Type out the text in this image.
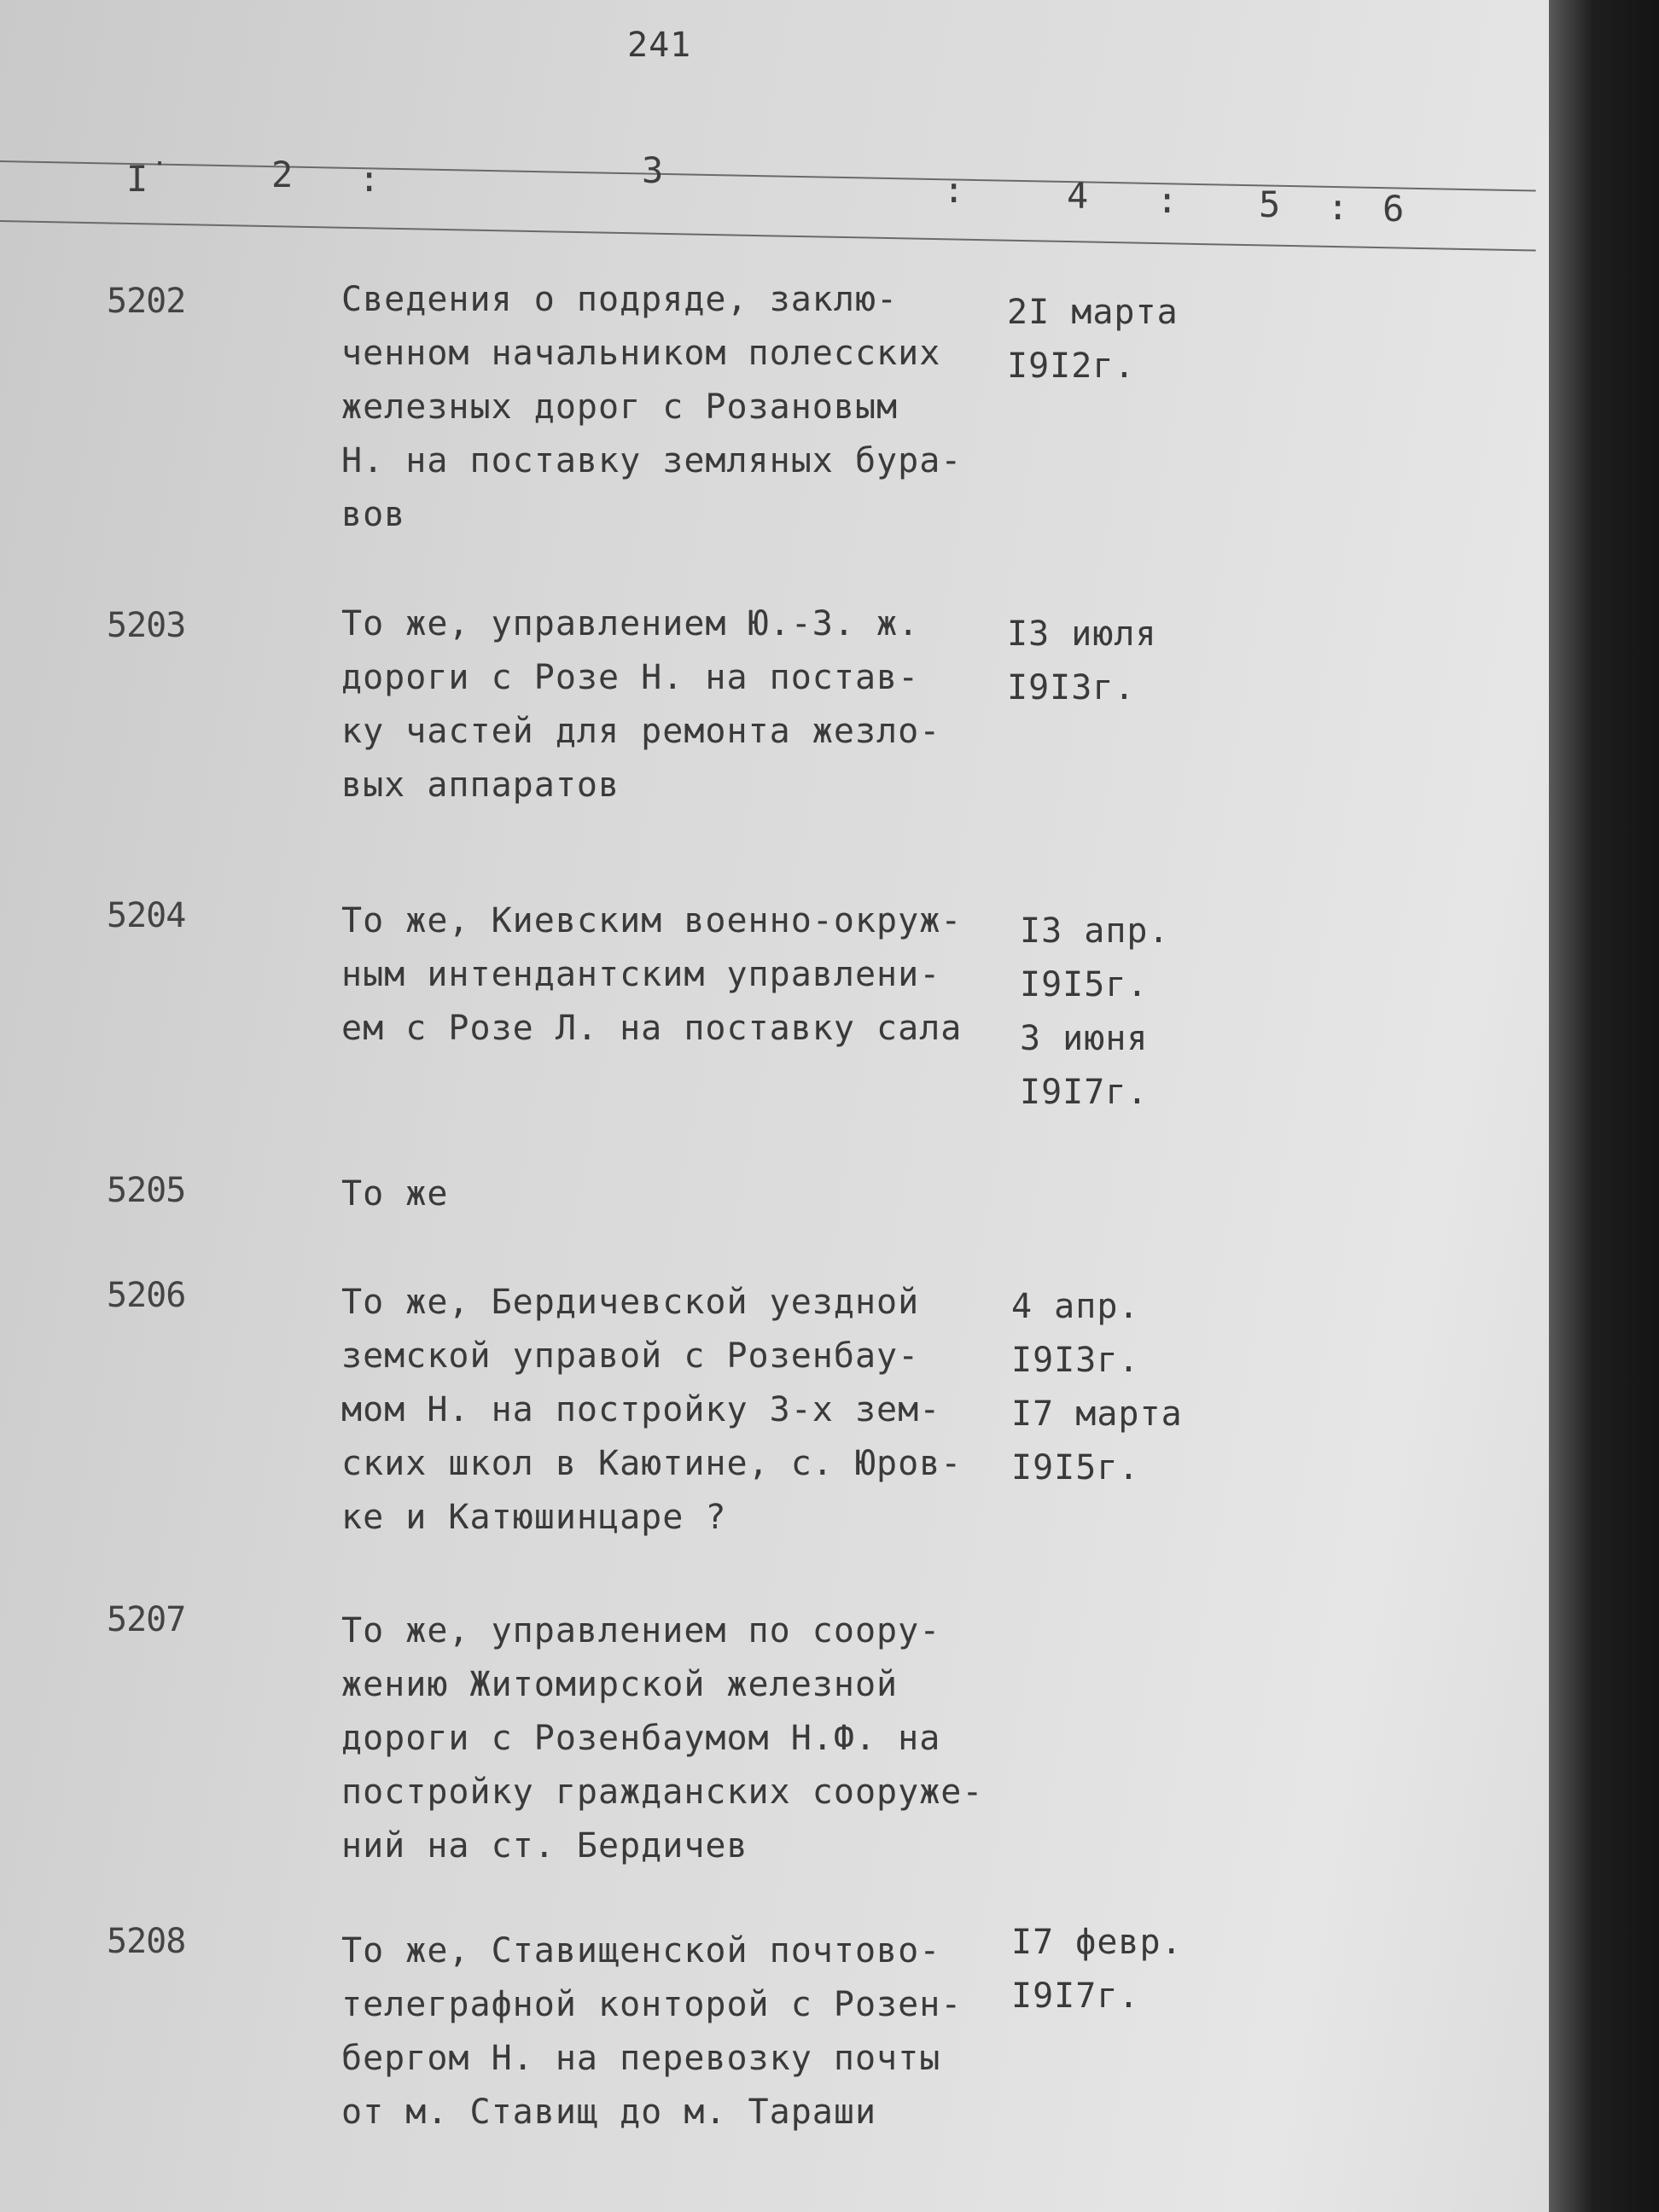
241
I ·	2 :	3	:	4 : 5 : 6
5202	Сведения о подряде, заклю-
ченном начальником полесских
железных дорог с Розановым
Н. на поставку земляных бура-
вов
2I марта
I9I2г.
5203	То же, управлением Ю.-З. ж.
дороги с Розе Н. на постав-
ку частей для ремонта жезло-
вых аппаратов
I3 июля
I9I3г.
5204	То же, Киевским военно-окруж-
ным интендантским управлени-
ем с Розе Л. на поставку сала
I3 апр.
I9I5г.
3 июня
I9I7г.
5205	То же
5206	То же, Бердичевской уездной
земской управой с Розенбау-
мом Н. на постройку 3-х зем-
ских школ в Каютине, с. Юров-
ке и Катюшинцаре ?
4 апр.
I9I3г.
I7 марта
I9I5г.
5207	То же, управлением по соору-
жению Житомирской железной
дороги с Розенбаумом Н.Ф. на
постройку гражданских сооруже-
ний на ст. Бердичев
5208	То же, Ставищенской почтово-
телеграфной конторой с Розен-
бергом Н. на перевозку почты
от м. Ставищ до м. Тараши
I7 февр.
I9I7г.
